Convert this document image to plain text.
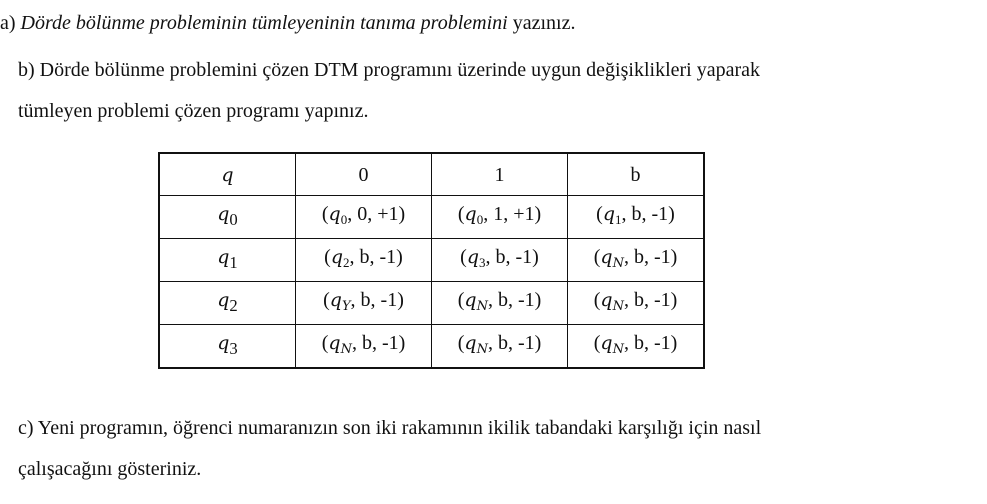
a) Dörde bölünme probleminin tümleyeninin tanıma problemini yazınız.
b) Dörde bölünme problemini çözen DTM programını üzerinde uygun değişiklikleri yaparak
tümleyen problemi çözen programı yapınız.
q	0	1	b
$q_0$	($q_0$, 0, +1)	($q_0$, 1, +1)	($q_1$, b, -1)
$q_1$	($q_2$, b, -1)	($q_3$, b, -1)	($q_N$, b, -1)
$q_2$	($q_Y$, b, -1)	($q_N$, b, -1)	($q_N$, b, -1)
$q_3$	($q_N$, b, -1)	($q_N$, b, -1)	($q_N$, b, -1)
c) Yeni programın, öğrenci numaranızın son iki rakamının ikilik tabandaki karşılığı için nasıl
çalışacağını gösteriniz.
